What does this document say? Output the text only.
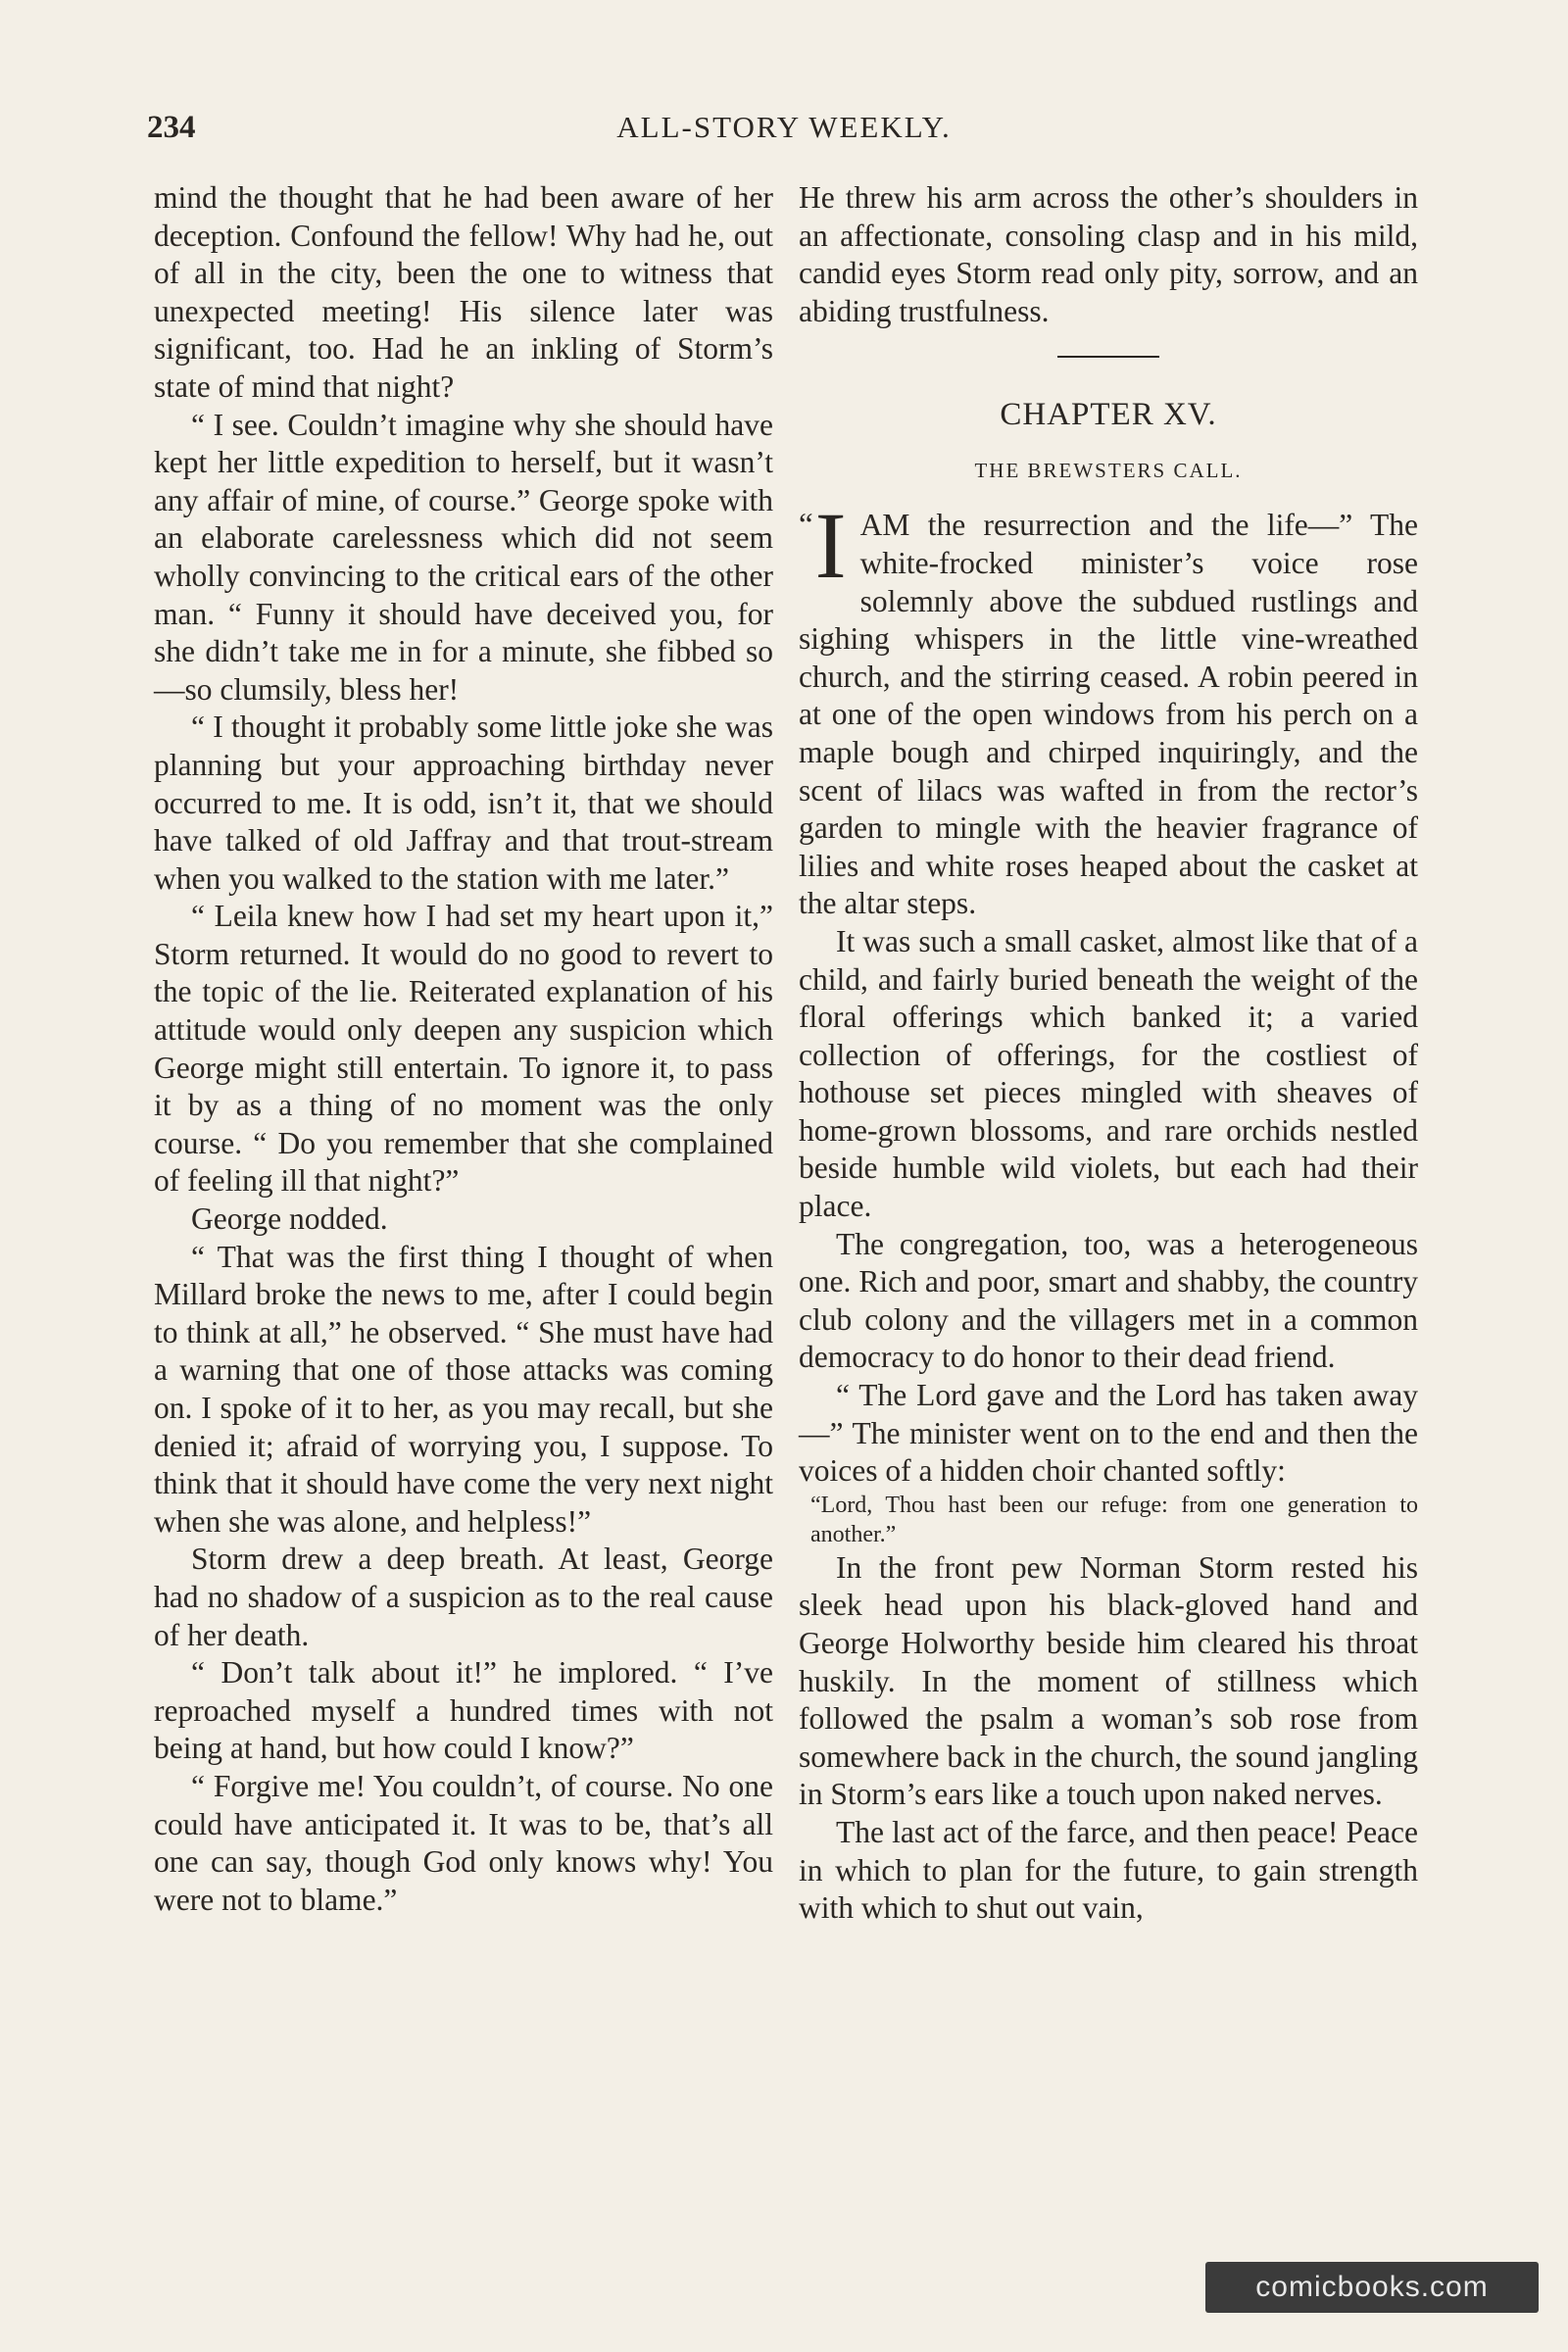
234	ALL-STORY WEEKLY.

mind the thought that he had been aware of her deception. Confound the fellow! Why had he, out of all in the city, been the one to witness that unexpected meeting! His silence later was significant, too. Had he an inkling of Storm’s state of mind that night?

“ I see. Couldn’t imagine why she should have kept her little expedition to herself, but it wasn’t any affair of mine, of course.” George spoke with an elaborate carelessness which did not seem wholly convincing to the critical ears of the other man. “ Funny it should have deceived you, for she didn’t take me in for a minute, she fibbed so—so clumsily, bless her!

“ I thought it probably some little joke she was planning but your approaching birthday never occurred to me. It is odd, isn’t it, that we should have talked of old Jaffray and that trout-stream when you walked to the station with me later.”

“ Leila knew how I had set my heart upon it,” Storm returned. It would do no good to revert to the topic of the lie. Reiterated explanation of his attitude would only deepen any suspicion which George might still entertain. To ignore it, to pass it by as a thing of no moment was the only course. “ Do you remember that she complained of feeling ill that night?”

George nodded.

“ That was the first thing I thought of when Millard broke the news to me, after I could begin to think at all,” he observed. “ She must have had a warning that one of those attacks was coming on. I spoke of it to her, as you may recall, but she denied it; afraid of worrying you, I suppose. To think that it should have come the very next night when she was alone, and helpless!”

Storm drew a deep breath. At least, George had no shadow of a suspicion as to the real cause of her death.

“ Don’t talk about it!” he implored. “ I’ve reproached myself a hundred times with not being at hand, but how could I know?”

“ Forgive me! You couldn’t, of course. No one could have anticipated it. It was to be, that’s all one can say, though God only knows why! You were not to blame.”

He threw his arm across the other’s shoulders in an affectionate, consoling clasp and in his mild, candid eyes Storm read only pity, sorrow, and an abiding trustfulness.

CHAPTER XV.
THE BREWSTERS CALL.

“ I AM the resurrection and the life—” The white-frocked minister’s voice rose solemnly above the subdued rustlings and sighing whispers in the little vine-wreathed church, and the stirring ceased. A robin peered in at one of the open windows from his perch on a maple bough and chirped inquiringly, and the scent of lilacs was wafted in from the rector’s garden to mingle with the heavier fragrance of lilies and white roses heaped about the casket at the altar steps.

It was such a small casket, almost like that of a child, and fairly buried beneath the weight of the floral offerings which banked it; a varied collection of offerings, for the costliest of hothouse set pieces mingled with sheaves of home-grown blossoms, and rare orchids nestled beside humble wild violets, but each had their place.

The congregation, too, was a heterogeneous one. Rich and poor, smart and shabby, the country club colony and the villagers met in a common democracy to do honor to their dead friend.

“ The Lord gave and the Lord has taken away—” The minister went on to the end and then the voices of a hidden choir chanted softly:

“Lord, Thou hast been our refuge: from one generation to another.”

In the front pew Norman Storm rested his sleek head upon his black-gloved hand and George Holworthy beside him cleared his throat huskily. In the moment of stillness which followed the psalm a woman’s sob rose from somewhere back in the church, the sound jangling in Storm’s ears like a touch upon naked nerves.

The last act of the farce, and then peace! Peace in which to plan for the future, to gain strength with which to shut out vain,

comicbooks.com
